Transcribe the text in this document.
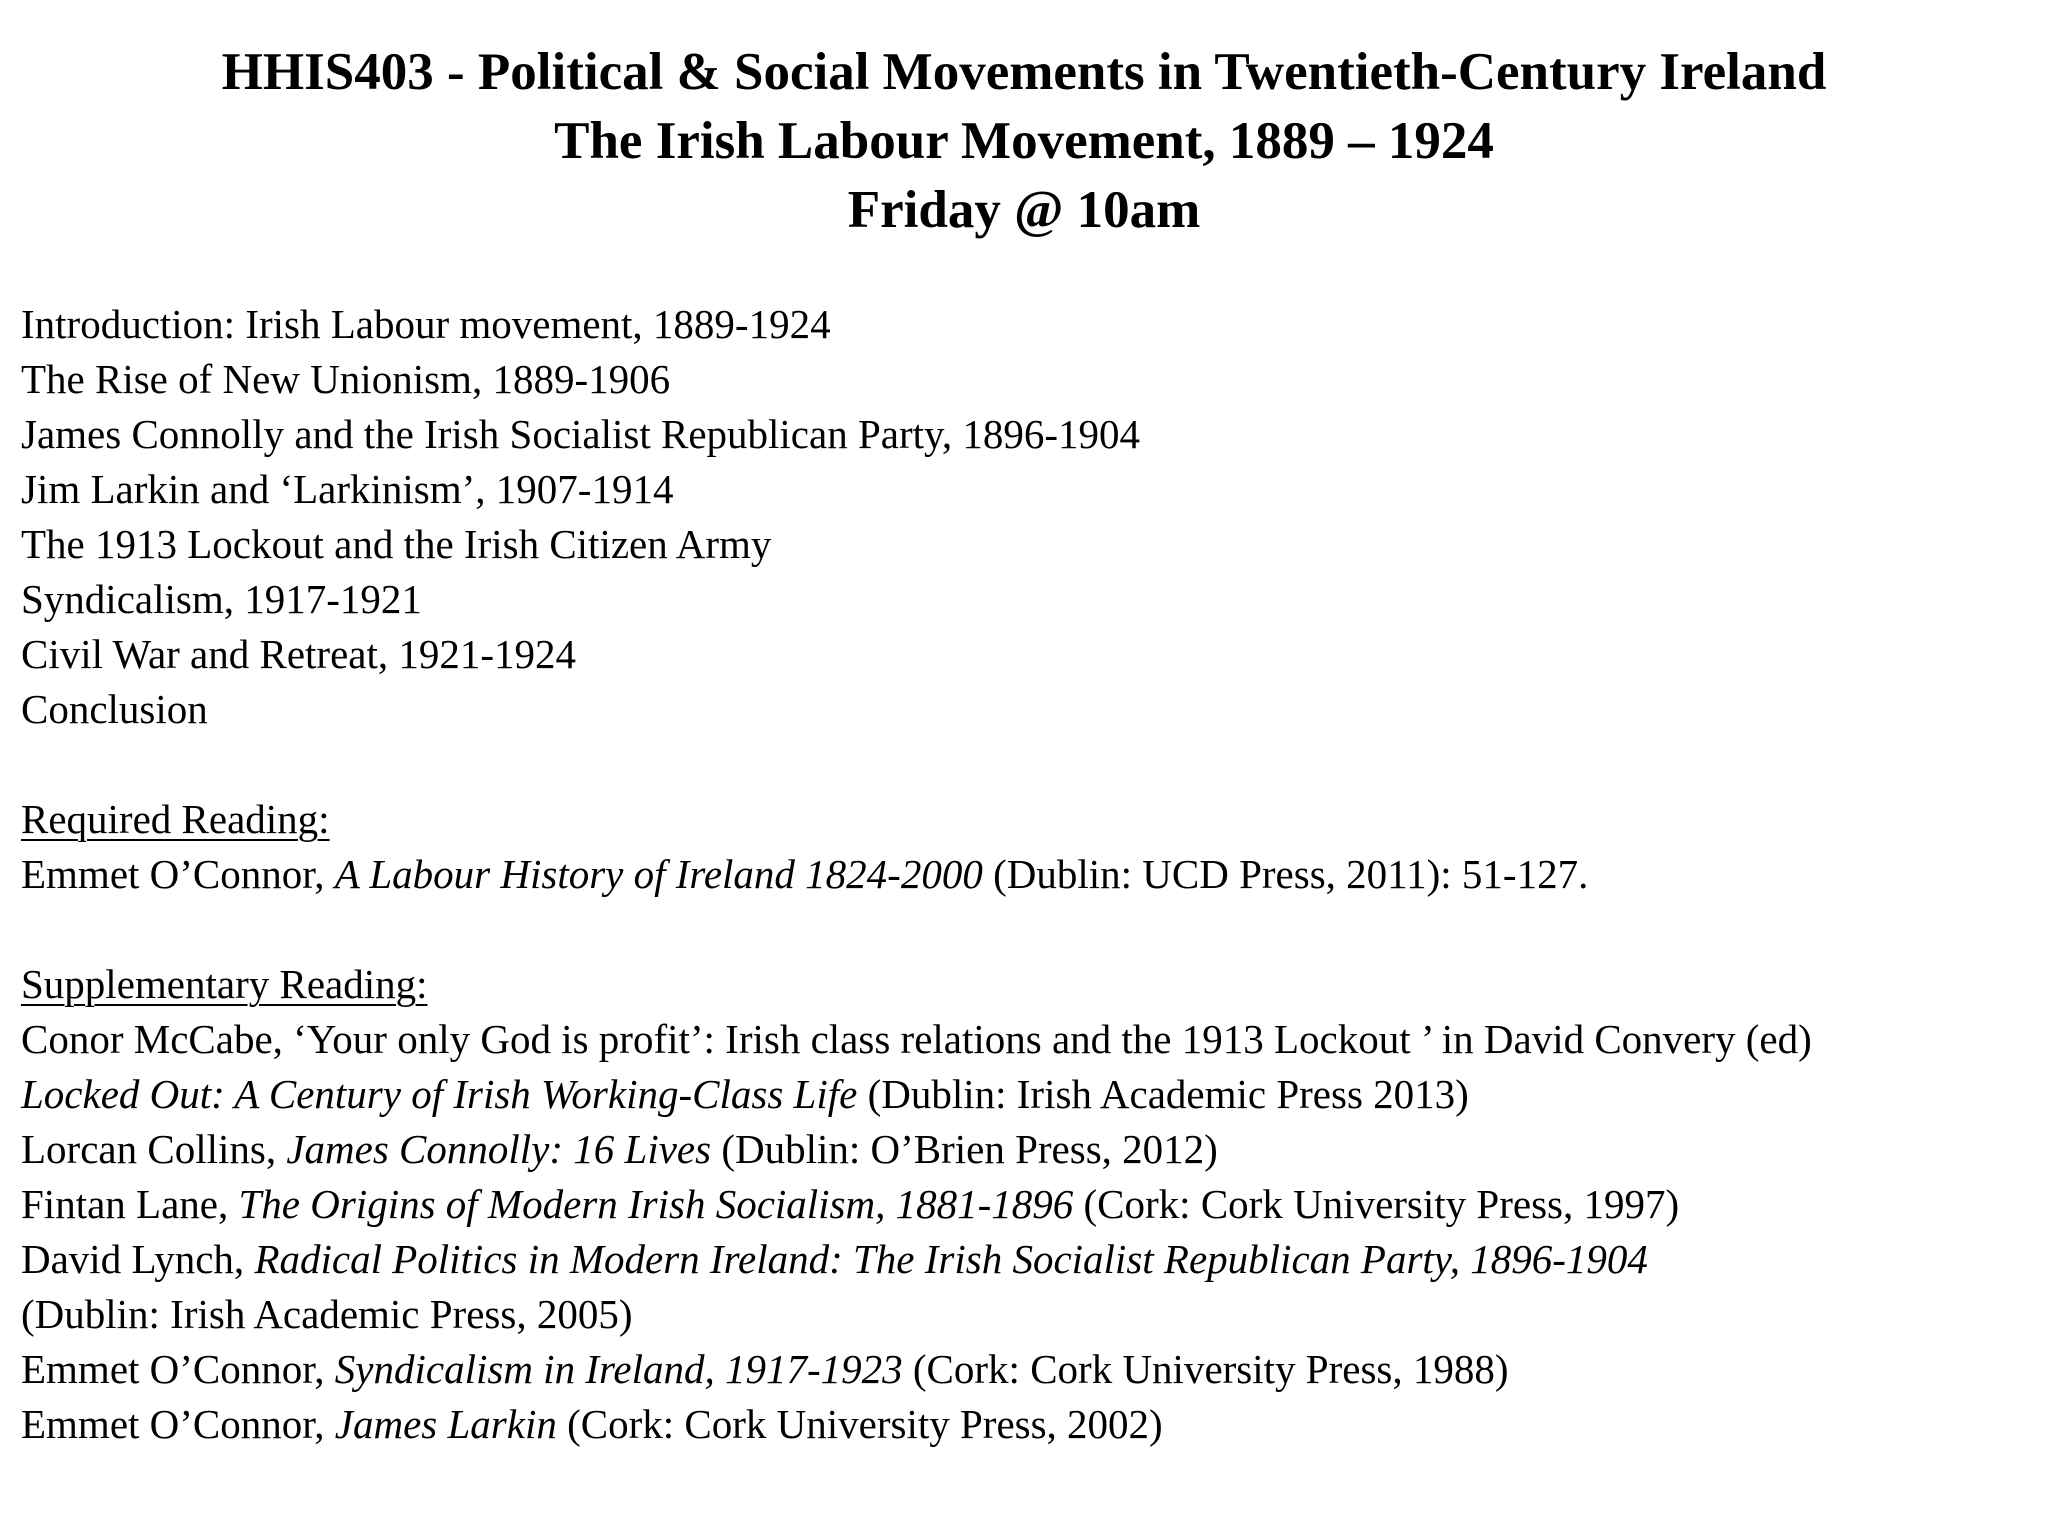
HHIS403 - Political & Social Movements in Twentieth-Century Ireland
The Irish Labour Movement, 1889 – 1924
Friday @ 10am
Introduction: Irish Labour movement, 1889-1924
The Rise of New Unionism, 1889-1906
James Connolly and the Irish Socialist Republican Party, 1896-1904
Jim Larkin and ‘Larkinism’, 1907-1914
The 1913 Lockout and the Irish Citizen Army
Syndicalism, 1917-1921
Civil War and Retreat, 1921-1924
Conclusion
Required Reading:
Emmet O’Connor, A Labour History of Ireland 1824-2000 (Dublin: UCD Press, 2011): 51-127.
Supplementary Reading:
Conor McCabe, ‘Your only God is profit’: Irish class relations and the 1913 Lockout ’ in David Convery (ed)
Locked Out: A Century of Irish Working-Class Life (Dublin: Irish Academic Press 2013)
Lorcan Collins, James Connolly: 16 Lives (Dublin: O’Brien Press, 2012)
Fintan Lane, The Origins of Modern Irish Socialism, 1881-1896 (Cork: Cork University Press, 1997)
David Lynch, Radical Politics in Modern Ireland: The Irish Socialist Republican Party, 1896-1904
(Dublin: Irish Academic Press, 2005)
Emmet O’Connor, Syndicalism in Ireland, 1917-1923 (Cork: Cork University Press, 1988)
Emmet O’Connor, James Larkin (Cork: Cork University Press, 2002)
